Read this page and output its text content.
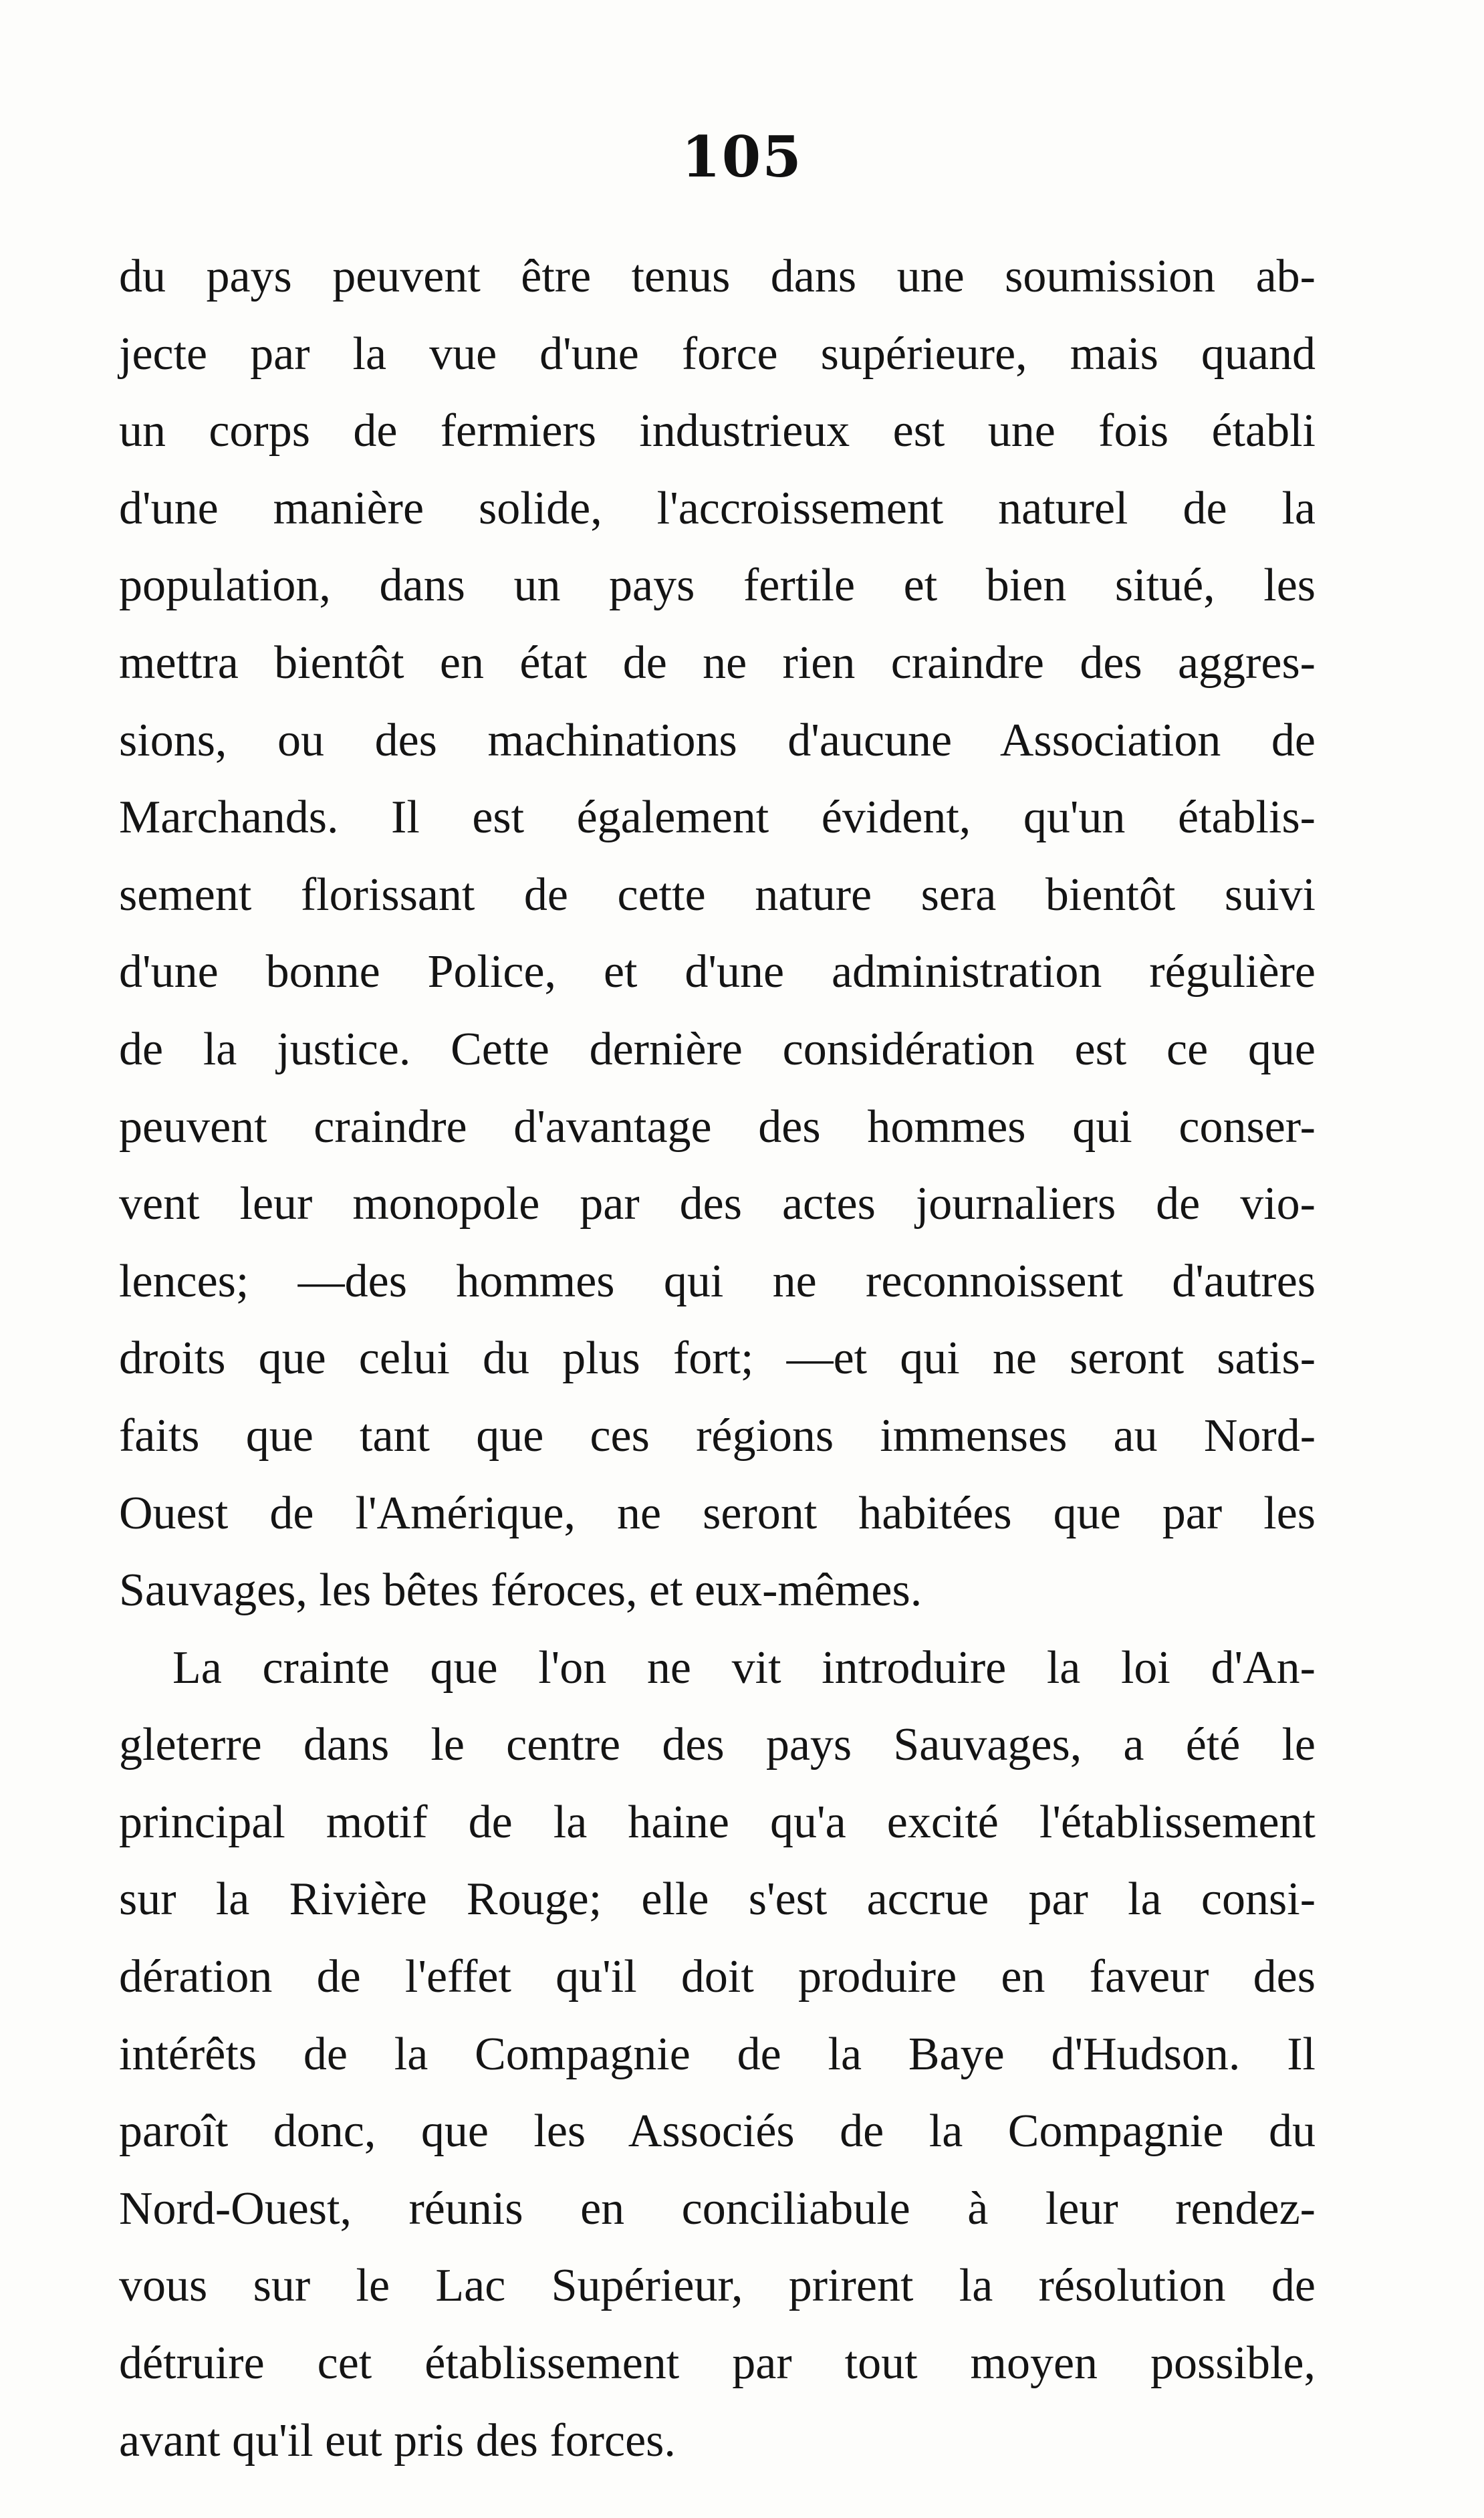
105
du pays peuvent être tenus dans une soumission ab-
jecte par la vue d'une force supérieure, mais quand
un corps de fermiers industrieux est une fois établi
d'une manière solide, l'accroissement naturel de la
population, dans un pays fertile et bien situé, les
mettra bientôt en état de ne rien craindre des aggres-
sions, ou des machinations d'aucune Association de
Marchands. Il est également évident, qu'un établis-
sement florissant de cette nature sera bientôt suivi
d'une bonne Police, et d'une administration régulière
de la justice. Cette dernière considération est ce que
peuvent craindre d'avantage des hommes qui conser-
vent leur monopole par des actes journaliers de vio-
lences; —des hommes qui ne reconnoissent d'autres
droits que celui du plus fort; —et qui ne seront satis-
faits que tant que ces régions immenses au Nord-
Ouest de l'Amérique, ne seront habitées que par les
Sauvages, les bêtes féroces, et eux-mêmes.
La crainte que l'on ne vit introduire la loi d'An-
gleterre dans le centre des pays Sauvages, a été le
principal motif de la haine qu'a excité l'établissement
sur la Rivière Rouge; elle s'est accrue par la consi-
dération de l'effet qu'il doit produire en faveur des
intérêts de la Compagnie de la Baye d'Hudson. Il
paroît donc, que les Associés de la Compagnie du
Nord-Ouest, réunis en conciliabule à leur rendez-
vous sur le Lac Supérieur, prirent la résolution de
détruire cet établissement par tout moyen possible,
avant qu'il eut pris des forces.
